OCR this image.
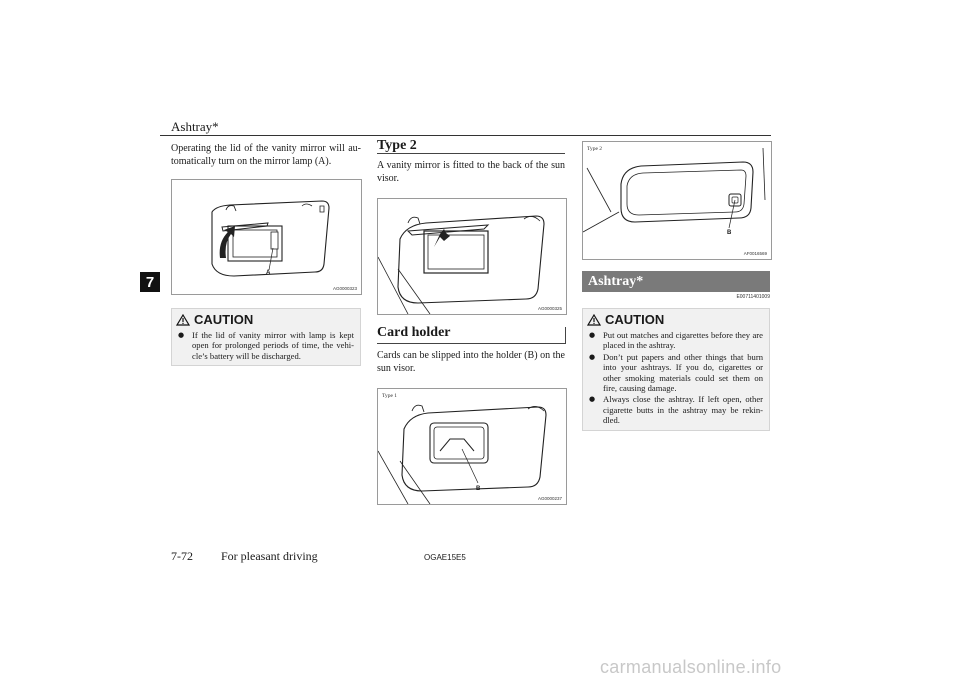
Ashtray*
7
Operating the lid of the vanity mirror will au-tomatically turn on the mirror lamp (A).
A
AG0000323
CAUTION
● If the lid of vanity mirror with lamp is kept open for prolonged periods of time, the vehi-cle’s battery will be discharged.
Type 2
A vanity mirror is fitted to the back of the sun visor.
AG0000325
Card holder
Cards can be slipped into the holder (B) on the sun visor.
Type 1
B
AG0000237
Type 2
B
AF0016569
Ashtray*
E00711401009
CAUTION
● Put out matches and cigarettes before they are placed in the ashtray.
● Don’t put papers and other things that burn into your ashtrays. If you do, cigarettes or other smoking materials could set them on fire, causing damage.
● Always close the ashtray. If left open, other cigarette butts in the ashtray may be rekin-dled.
7-72 For pleasant driving	OGAE15E5
carmanualsonline.info
